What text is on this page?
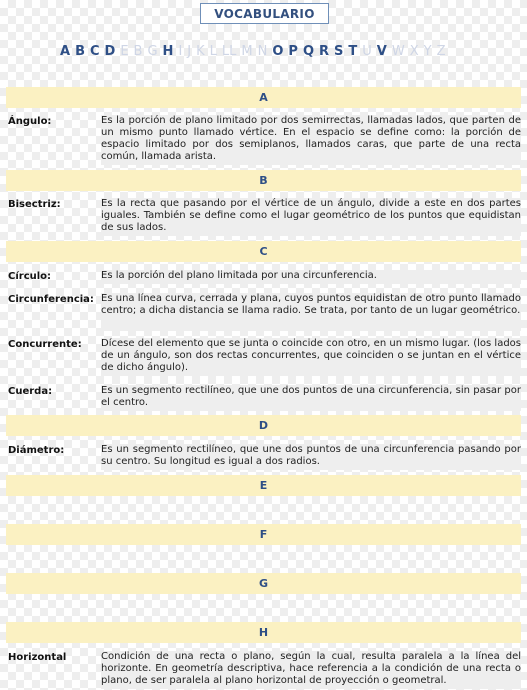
VOCABULARIO
A B C D E B G H I J K L LL M N O P Q R S T U V W X Y Z
A
Ángulo:	Es la porción de plano limitado por dos semirrectas, llamadas lados, que parten de un mismo punto llamado vértice. En el espacio se define como: la porción de espacio limitado por dos semiplanos, llamados caras, que parte de una recta común, llamada arista.
B
Bisectriz:	Es la recta que pasando por el vértice de un ángulo, divide a este en dos partes iguales. También se define como el lugar geométrico de los puntos que equidistan de sus lados.
C
Círculo:	Es la porción del plano limitada por una circunferencia.
Circunferencia: Es una línea curva, cerrada y plana, cuyos puntos equidistan de otro punto llamado centro; a dicha distancia se llama radio. Se trata, por tanto de un lugar geométrico.
Concurrente: Dícese del elemento que se junta o coincide con otro, en un mismo lugar. (los lados de un ángulo, son dos rectas concurrentes, que coinciden o se juntan en el vértice de dicho ángulo).
Cuerda:	Es un segmento rectilíneo, que une dos puntos de una circunferencia, sin pasar por el centro.
D
Diámetro:	Es un segmento rectilíneo, que une dos puntos de una circunferencia pasando por su centro. Su longitud es igual a dos radios.
E
F
G
H
Horizontal	Condición de una recta o plano, según la cual, resulta paralela a la línea del horizonte. En geometría descriptiva, hace referencia a la condición de una recta o plano, de ser paralela al plano horizontal de proyección o geometral.
